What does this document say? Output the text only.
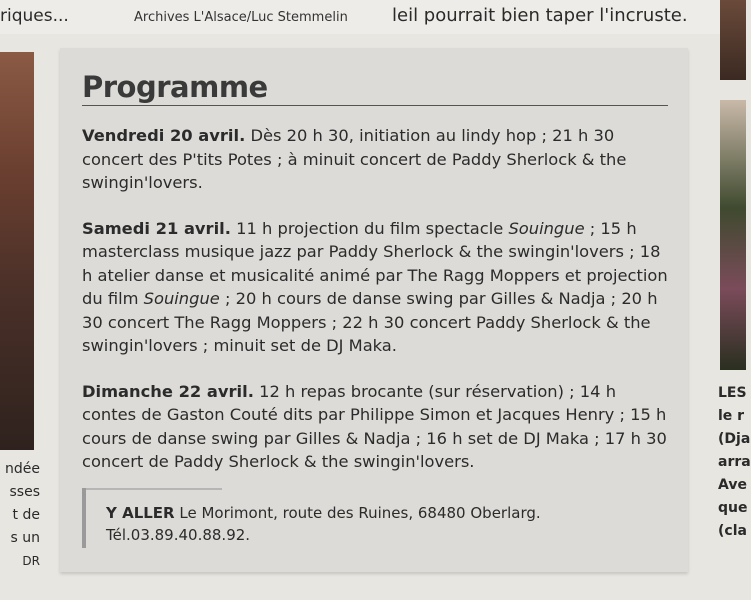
riques...	Archives L'Alsace/Luc Stemmelin leil pourrait bien taper l'incruste.
ndée
sses
t de
s un
DR
LES
le r
(Dja
arra
Ave
que
(cla
Programme

Vendredi 20 avril. Dès 20 h 30, initiation au lindy hop ; 21 h 30 concert des P'tits Potes ; à minuit concert de Paddy Sherlock & the swingin'lovers.

Samedi 21 avril. 11 h projection du film spectacle Souingue ; 15 h masterclass musique jazz par Paddy Sherlock & the swingin'lovers ; 18 h atelier danse et musicalité animé par The Ragg Moppers et projection du film Souingue ; 20 h cours de danse swing par Gilles & Nadja ; 20 h 30 concert The Ragg Moppers ; 22 h 30 concert Paddy Sherlock & the swingin'lovers ; minuit set de DJ Maka.

Dimanche 22 avril. 12 h repas brocante (sur réservation) ; 14 h contes de Gaston Couté dits par Philippe Simon et Jacques Henry ; 15 h cours de danse swing par Gilles & Nadja ; 16 h set de DJ Maka ; 17 h 30 concert de Paddy Sherlock & the swingin'lovers.

Y ALLER Le Morimont, route des Ruines, 68480 Oberlarg.
Tél.03.89.40.88.92.
